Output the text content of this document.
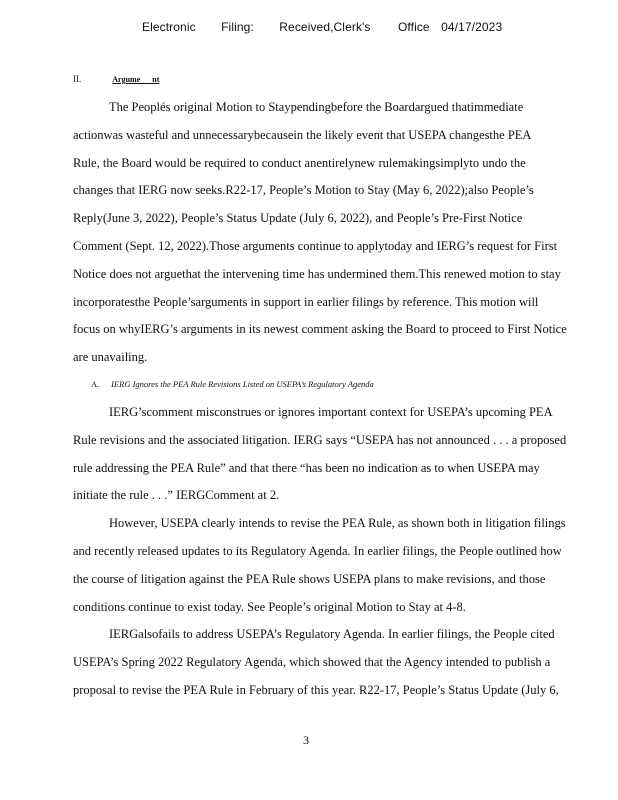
Electronic Filing: Received,Clerk's Office 04/17/2023
II.	Argume      nt
The Peoplés original Motion to Staypendingbefore the Boardargued thatimmediate
actionwas wasteful and unnecessarybecausein the likely event that USEPA changesthe PEA
Rule, the Board would be required to conduct anentirelynew rulemakingsimplyto undo the
changes that IERG now seeks.R22-17, People’s Motion to Stay (May 6, 2022);also People’s
Reply(June 3, 2022), People’s Status Update (July 6, 2022), and People’s Pre-First Notice
Comment (Sept. 12, 2022).Those arguments continue to applytoday and IERG’s request for First
Notice does not arguethat the intervening time has undermined them.This renewed motion to stay
incorporatesthe People’sarguments in support in earlier filings by reference. This motion will
focus on whyIERG’s arguments in its newest comment asking the Board to proceed to First Notice
are unavailing.
A. IERG Ignores the PEA Rule Revisions Listed on USEPA’s Regulatory Agenda
IERG’scomment misconstrues or ignores important context for USEPA’s upcoming PEA
Rule revisions and the associated litigation. IERG says “USEPA has not announced . . . a proposed
rule addressing the PEA Rule” and that there “has been no indication as to when USEPA may
initiate the rule . . .” IERGComment at 2.
However, USEPA clearly intends to revise the PEA Rule, as shown both in litigation filings
and recently released updates to its Regulatory Agenda. In earlier filings, the People outlined how
the course of litigation against the PEA Rule shows USEPA plans to make revisions, and those
conditions continue to exist today. See People’s original Motion to Stay at 4-8.
IERGalsofails to address USEPA’s Regulatory Agenda. In earlier filings, the People cited
USEPA’s Spring 2022 Regulatory Agenda, which showed that the Agency intended to publish a
proposal to revise the PEA Rule in February of this year. R22-17, People’s Status Update (July 6,
3
